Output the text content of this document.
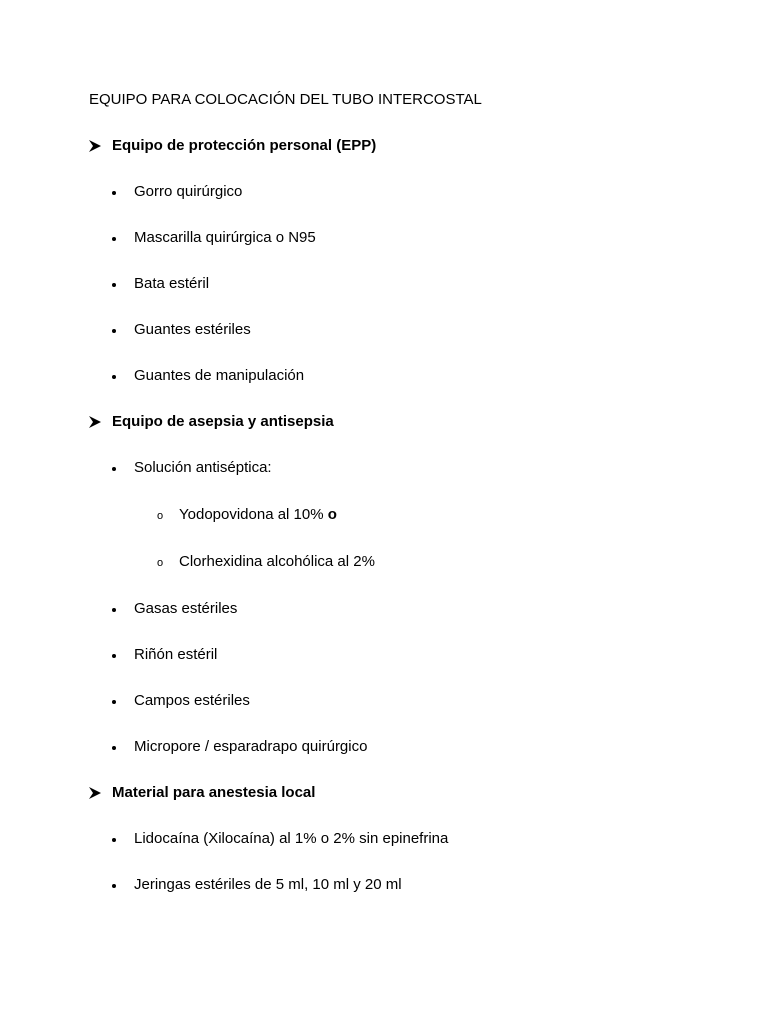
EQUIPO PARA COLOCACIÓN DEL TUBO INTERCOSTAL
Equipo de protección personal (EPP)
Gorro quirúrgico
Mascarilla quirúrgica o N95
Bata estéril
Guantes estériles
Guantes de manipulación
Equipo de asepsia y antisepsia
Solución antiséptica:
o Yodopovidona al 10% o
o Clorhexidina alcohólica al 2%
Gasas estériles
Riñón estéril
Campos estériles
Micropore / esparadrapo quirúrgico
Material para anestesia local
Lidocaína (Xilocaína) al 1% o 2% sin epinefrina
Jeringas estériles de 5 ml, 10 ml y 20 ml
